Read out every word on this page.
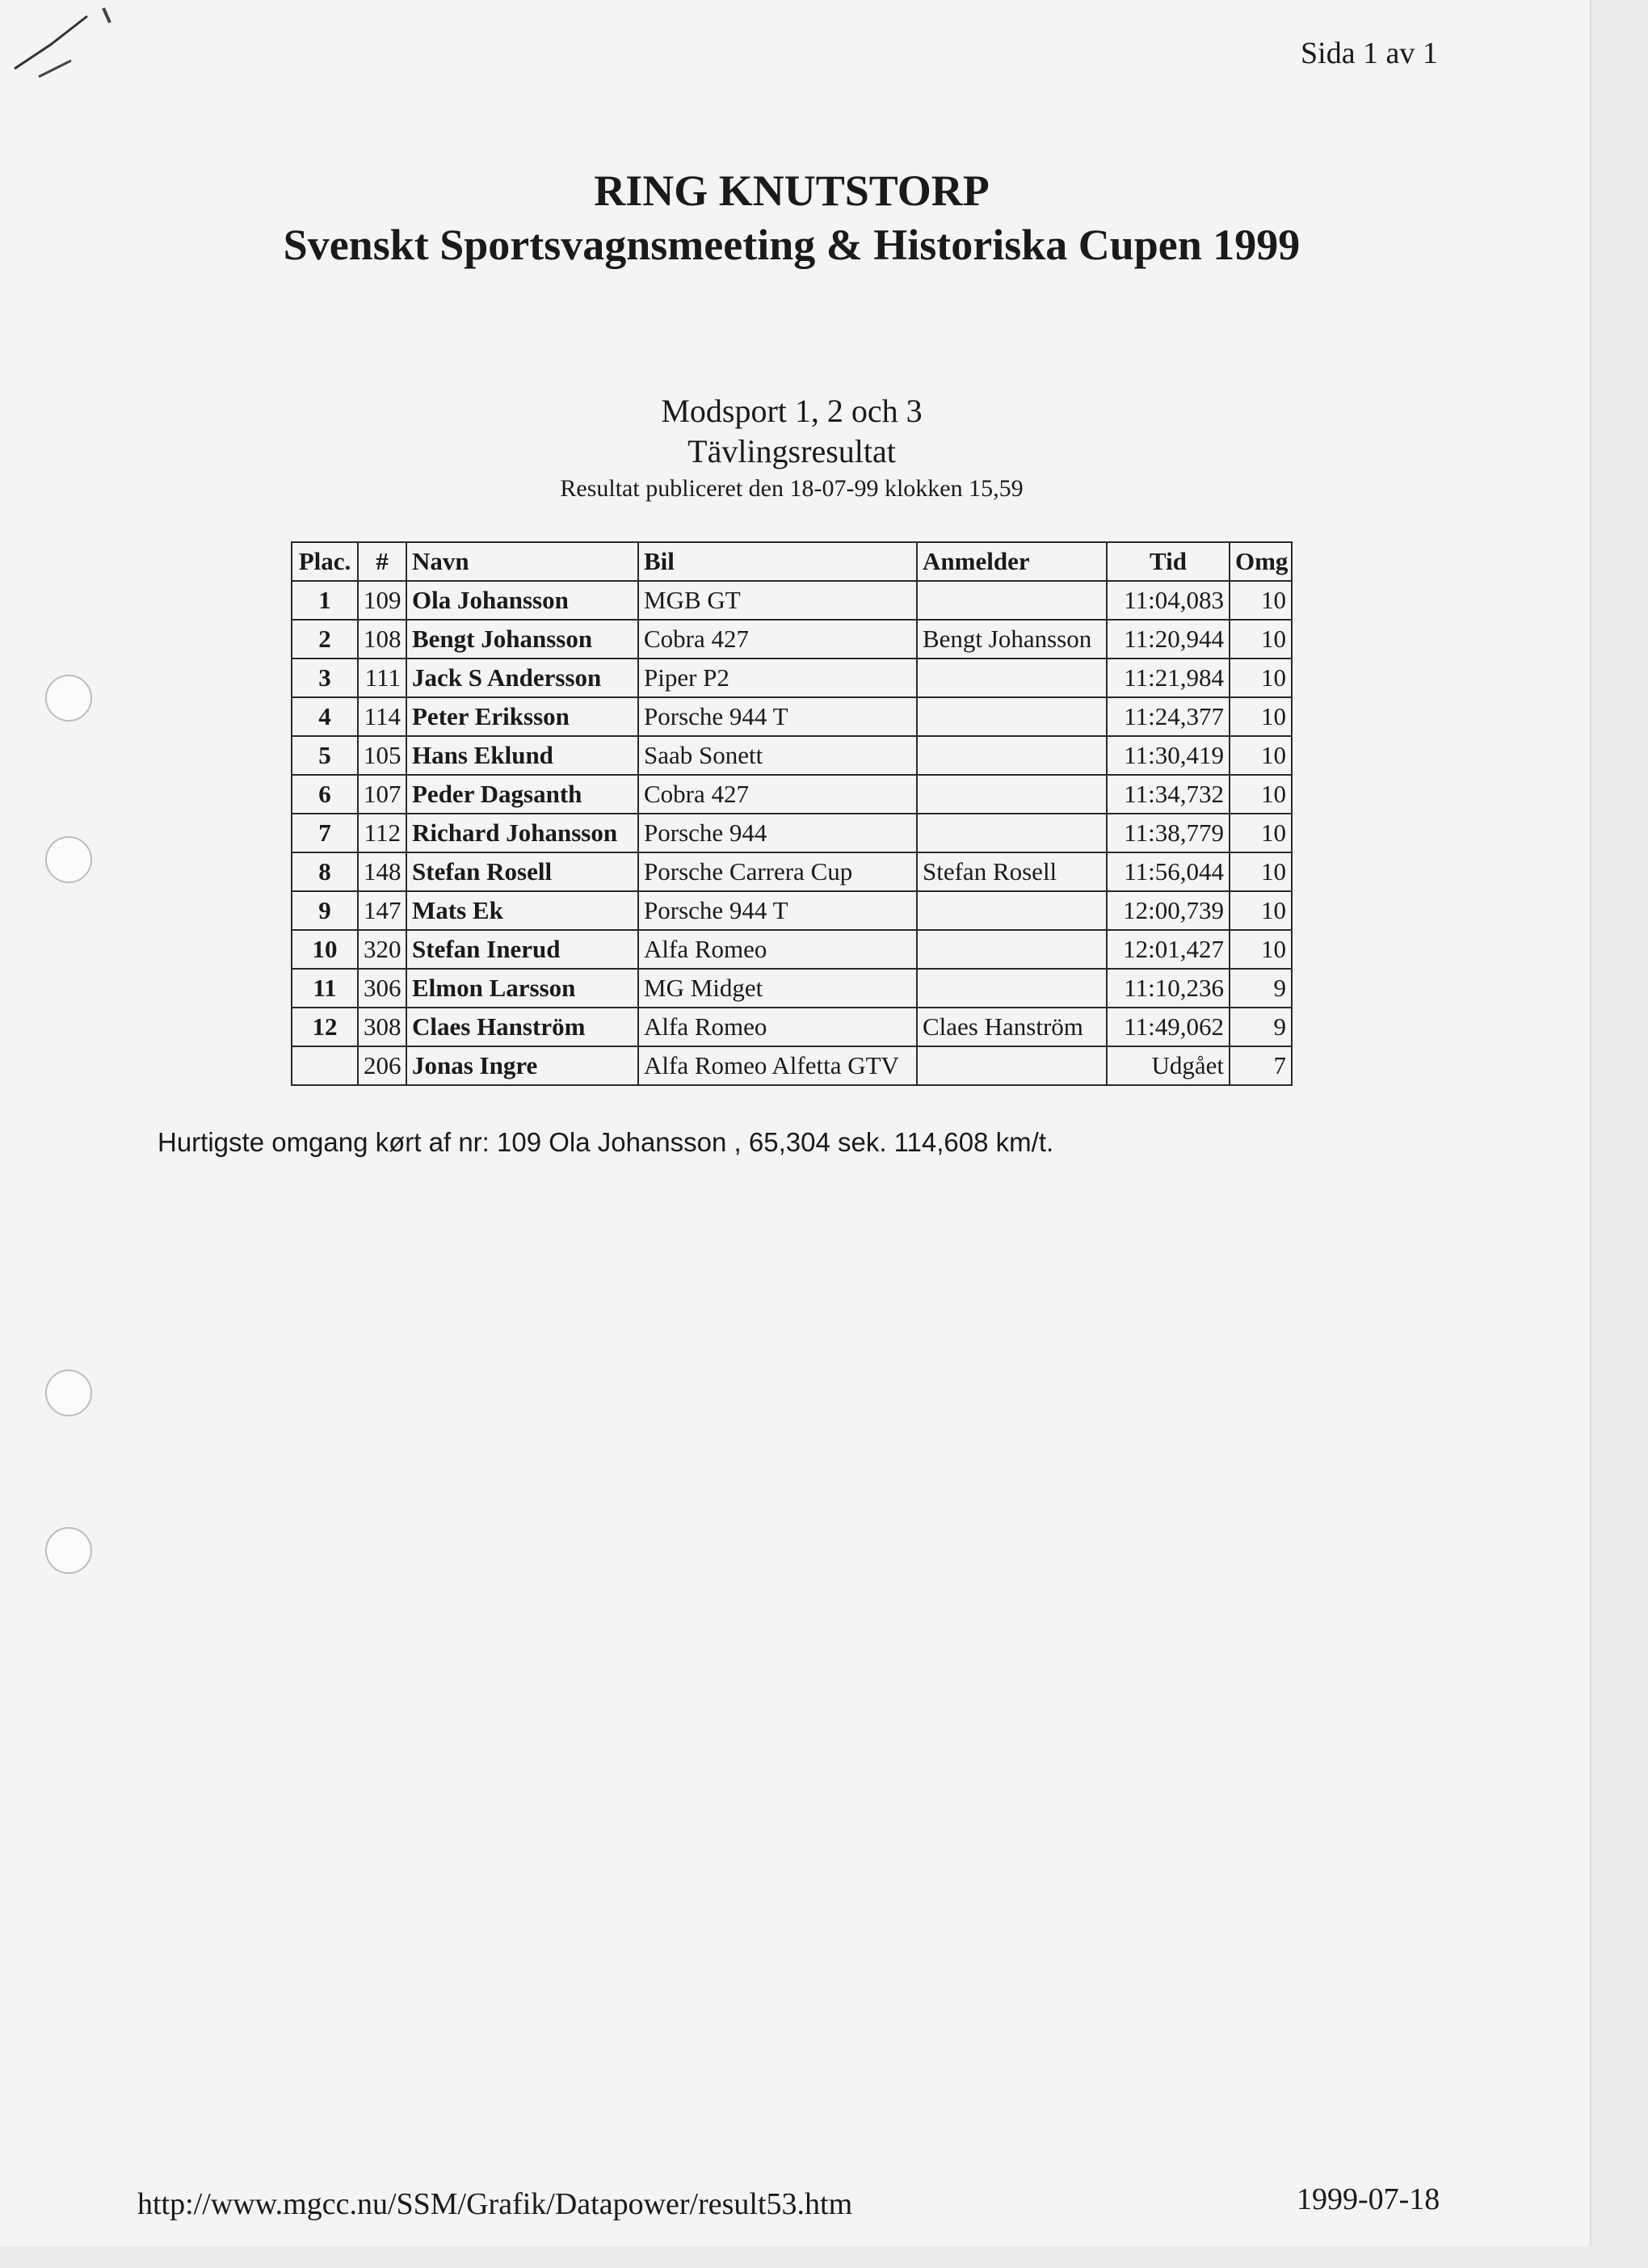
Sida 1 av 1
RING KNUTSTORP
Svenskt Sportsvagnsmeeting & Historiska Cupen 1999
Modsport 1, 2 och 3
Tävlingsresultat
Resultat publiceret den 18-07-99 klokken 15,59
Plac.	#	Navn	Bil	Anmelder	Tid	Omg
1	109	Ola Johansson	MGB GT		11:04,083	10
2	108	Bengt Johansson	Cobra 427	Bengt Johansson	11:20,944	10
3	111	Jack S Andersson	Piper P2		11:21,984	10
4	114	Peter Eriksson	Porsche 944 T		11:24,377	10
5	105	Hans Eklund	Saab Sonett		11:30,419	10
6	107	Peder Dagsanth	Cobra 427		11:34,732	10
7	112	Richard Johansson	Porsche 944		11:38,779	10
8	148	Stefan Rosell	Porsche Carrera Cup	Stefan Rosell	11:56,044	10
9	147	Mats Ek	Porsche 944 T		12:00,739	10
10	320	Stefan Inerud	Alfa Romeo		12:01,427	10
11	306	Elmon Larsson	MG Midget		11:10,236	9
12	308	Claes Hanström	Alfa Romeo	Claes Hanström	11:49,062	9
	206	Jonas Ingre	Alfa Romeo Alfetta GTV		Udgået	7
Hurtigste omgang kørt af nr: 109 Ola Johansson , 65,304 sek. 114,608 km/t.
http://www.mgcc.nu/SSM/Grafik/Datapower/result53.htm	1999-07-18
